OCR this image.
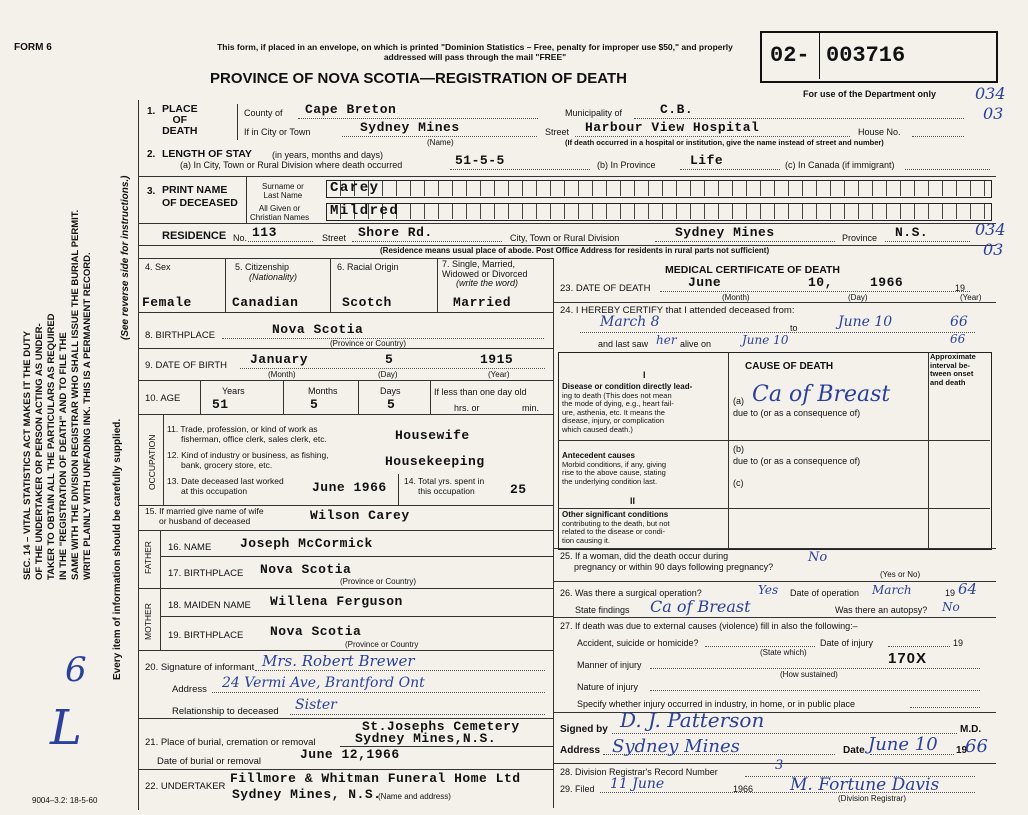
FORM 6	This form, if placed in an envelope, on which is printed "Dominion Statistics – Free, penalty for improper use $50," and properly addressed will pass through the mail "FREE"
PROVINCE OF NOVA SCOTIA—REGISTRATION OF DEATH
02- 003716
For use of the Department only 034
03
SEC. 14 – VITAL STATISTICS ACT MAKES IT THE DUTY OF THE UNDERTAKER OR PERSON ACTING AS UNDER- TAKER TO OBTAIN ALL THE PARTICULARS AS REQUIRED IN THE "REGISTRATION OF DEATH" AND TO FILE THE SAME WITH THE DIVISION REGISTRAR WHO SHALL ISSUE THE BURIAL PERMIT. WRITE PLAINLY WITH UNFADING INK. THIS IS A PERMANENT RECORD. Every item of information should be carefully supplied.
(See reverse side for instructions.)
6
L
1. PLACE
OF
DEATH
County of Cape Breton	Municipality of	C.B.
If in City or Town	Sydney Mines
(Name)
Street Harbour View Hospital	House No.
(If death occurred in a hospital or institution, give the name instead of street and number)
2. LENGTH OF STAY (in years, months and days)
(a) In City, Town or Rural Division where death occurred	51-5-5	(b) In Province	Life	(c) In Canada (if immigrant)
3. PRINT NAME
OF DECEASED
Surname or
Last Name
All Given or
Christian Names
Carey
Mildred
RESIDENCE No. 113	Street Shore Rd.	City, Town or Rural Division	Sydney Mines	Province N.S.
(Residence means usual place of abode. Post Office Address for residents in rural parts not sufficient)
034
03
4. Sex
Female
5. Citizenship
(Nationality)
Canadian
6. Racial Origin
Scotch
7. Single, Married,
Widowed or Divorced
(write the word)
Married
8. BIRTHPLACE	Nova Scotia
(Province or Country)
9. DATE OF BIRTH January	5	1915
(Month)	(Day)	(Year)
10. AGE
Years	Months	Days
51	5	5
If less than one day old
hrs. or	min.
OCCUPATION
11. Trade, profession, or kind of work as
fisherman, office clerk, sales clerk, etc.	Housewife
12. Kind of industry or business, as fishing,
bank, grocery store, etc.	Housekeeping
13. Date deceased last worked
at this occupation	June 1966 14. Total yrs. spent in
this occupation	25
15. If married give name of wife
or husband of deceased	Wilson Carey
FATHER 16. NAME Joseph McCormick
17. BIRTHPLACE Nova Scotia
(Province or Country)
MOTHER 18. MAIDEN NAME Willena Ferguson
19. BIRTHPLACE Nova Scotia
(Province or Country
20. Signature of informant Mrs. Robert Brewer
Address 24 Vermi Ave, Brantford Ont
Relationship to deceased Sister
St.Josephs Cemetery
21. Place of burial, cremation or removal	Sydney Mines,N.S.
Date of burial or removal	June 12,1966
22. UNDERTAKER
Fillmore & Whitman Funeral Home Ltd
Sydney Mines, N.S.
(Name and address)
9004–3.2: 18-5-60
MEDICAL CERTIFICATE OF DEATH
23. DATE OF DEATH	June	10,	1966	19
(Month)	(Day)	(Year)
24. I HEREBY CERTIFY that I attended deceased from:
March 8	to	June 10	66
and last saw her alive on	June 10	66
CAUSE OF DEATH
Approximate
interval be-
tween onset
and death
I
Disease or condition directly lead-
ing to death (This does not mean
the mode of dying, e.g., heart fail-
ure, asthenia, etc. It means the
disease, injury, or complication
which caused death.)
(a) Ca of Breast
due to (or as a consequence of)
(b)
Antecedent causes
Morbid conditions, if any, giving
rise to the above cause, stating
the underlying condition last.
due to (or as a consequence of)
(c)
II
Other significant conditions
contributing to the death, but not
related to the disease or condi-
tion causing it.
25. If a woman, did the death occur during
pregnancy or within 90 days following pregnancy?
No
(Yes or No)
26. Was there a surgical operation?	Yes Date of operation March	19 64
State findings Ca of Breast	Was there an autopsy? No
27. If death was due to external causes (violence) fill in also the following:–
Accident, suicide or homicide?	Date of injury	19
(State which)
Manner of injury	170X
(How sustained)
Nature of injury
Specify whether injury occurred in industry, in home, or in public place
Signed by D. J. Patterson	M.D.
Address Sydney Mines	Date June 10 19
66
28. Division Registrar's Record Number	3
29. Filed 11 June	1966 M. Fortune Davis
(Division Registrar)
